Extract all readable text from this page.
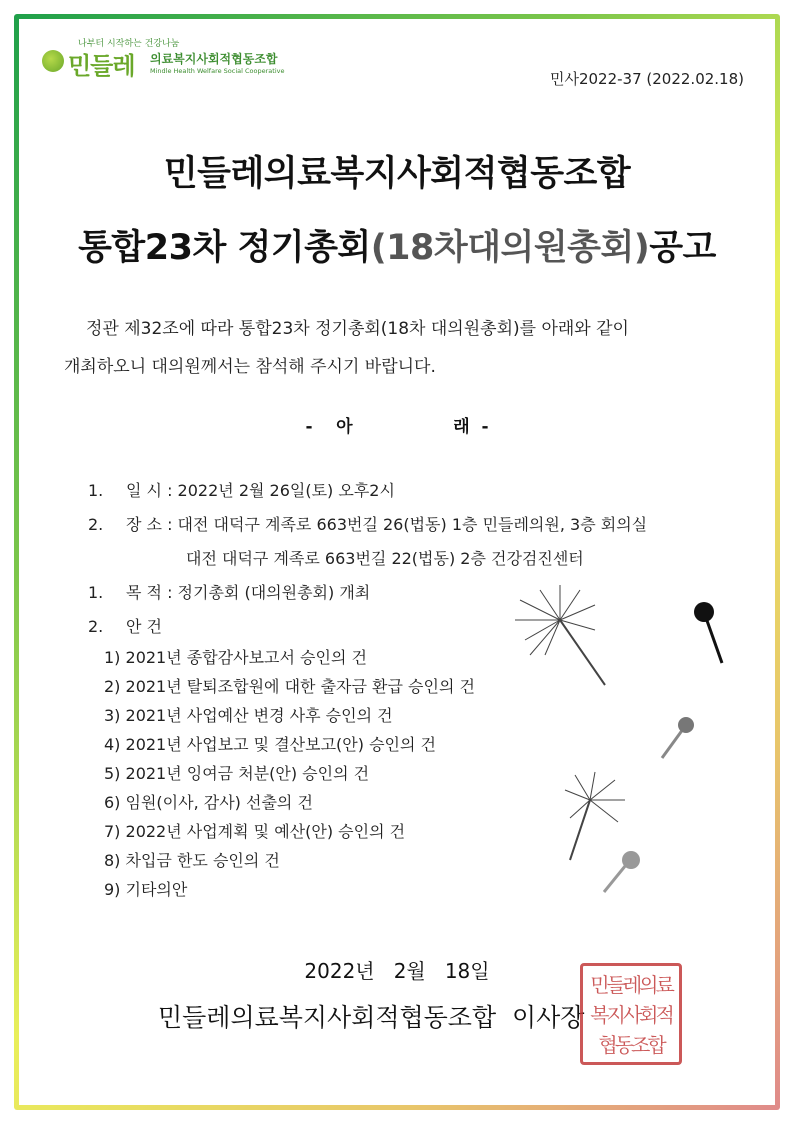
나부터 시작하는 건강나눔
민들레 의료복지사회적협동조합
Mindle Health Welfare Social Cooperative	민사2022-37 (2022.02.18)
민들레의료복지사회적협동조합
통합23차 정기총회(18차대의원총회)공고
정관 제32조에 따라 통합23차 정기총회(18차 대의원총회)를 아래와 같이
개최하오니 대의원께서는 참석해 주시기 바랍니다.
-    아                 래  -
1. 일 시 : 2022년 2월 26일(토) 오후2시
2. 장 소 : 대전 대덕구 계족로 663번길 26(법동) 1층 민들레의원, 3층 회의실
대전 대덕구 계족로 663번길 22(법동) 2층 건강검진센터
1. 목 적 : 정기총회 (대의원총회) 개최
2. 안 건
1) 2021년 종합감사보고서 승인의 건
2) 2021년 탈퇴조합원에 대한 출자금 환급 승인의 건
3) 2021년 사업예산 변경 사후 승인의 건
4) 2021년 사업보고 및 결산보고(안) 승인의 건
5) 2021년 잉여금 처분(안) 승인의 건
6) 임원(이사, 감사) 선출의 건
7) 2022년 사업계획 및 예산(안) 승인의 건
8) 차입금 한도 승인의 건
9) 기타의안
2022년   2월   18일
민들레의료복지사회적협동조합  이사장
민들레의료
복지사회적
협동조합
